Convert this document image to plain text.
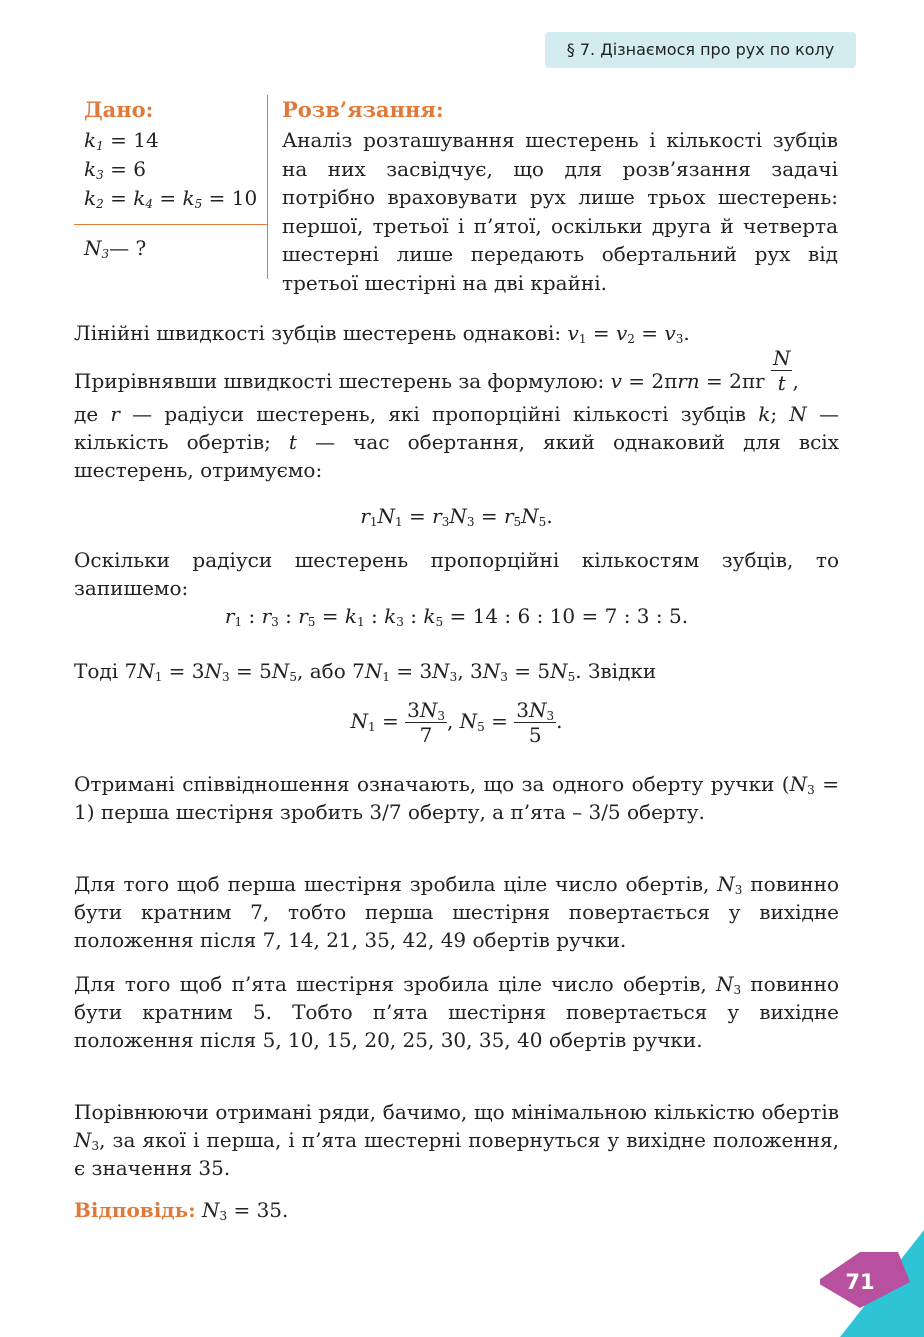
§ 7. Дізнаємося про рух по колу
Дано:
$k_1 = 14$
$k_3 = 6$
$k_2 = k_4 = k_5 = 10$
$N_3—$ ?
Розв’язання:
Аналіз розташування шестерень і кількості зубців на них засвідчує, що для розв’язання задачі потрібно враховувати рух лише трьох шестерень: першої, третьої і п’ятої, оскільки друга й четверта шестерні лише передають обертальний рух від третьої шестірні на дві крайні.
Лінійні швидкості зубців шестерень однакові: $v_1 = v_2 = v_3$.
Прирівнявши швидкості шестерень за формулою: $v = 2\pi rn = 2\pi r \frac{N}{t}$ ,
де r — радіуси шестерень, які пропорційні кількості зубців k; N — кількість обертів; t — час обертання, який однаковий для всіх шестерень, отримуємо:
$r_1N_1 = r_3N_3 = r_5N_5$.
Оскільки радіуси шестерень пропорційні кількостям зубців, то запишемо:
$r_1$ : $r_3$ : $r_5 = k_1$ : $k_3$ : $k_5 = 14$ : 6 : 10 = 7 : 3 : 5.
Тоді $7N_1 = 3N_3 = 5N_5$, або $7N_1 = 3N_3$, $3N_3 = 5N_5$. Звідки
$N_1 = \frac{3N_3}{7}$ , $N_5 = \frac{3N_3}{5}$ .
Отримані співвідношення означають, що за одного оберту ручки $(N_3 = 1)$ перша шестірня зробить 3/7 оберту, а п’ята – 3/5 оберту.
Для того щоб перша шестірня зробила ціле число обертів, $N_3$ повинно бути кратним 7, тобто перша шестірня повертається у вихідне положення після 7, 14, 21, 35, 42, 49 обертів ручки.
Для того щоб п’ята шестірня зробила ціле число обертів, $N_3$ повинно бути кратним 5. Тобто п’ята шестірня повертається у вихідне положення після 5, 10, 15, 20, 25, 30, 35, 40 обертів ручки.
Порівнюючи отримані ряди, бачимо, що мінімальною кількістю обертів $N_3$, за якої і перша, і п’ята шестерні повернуться у вихідне положення, є значення 35.
Відповідь: $N_3 = 35$.
71
